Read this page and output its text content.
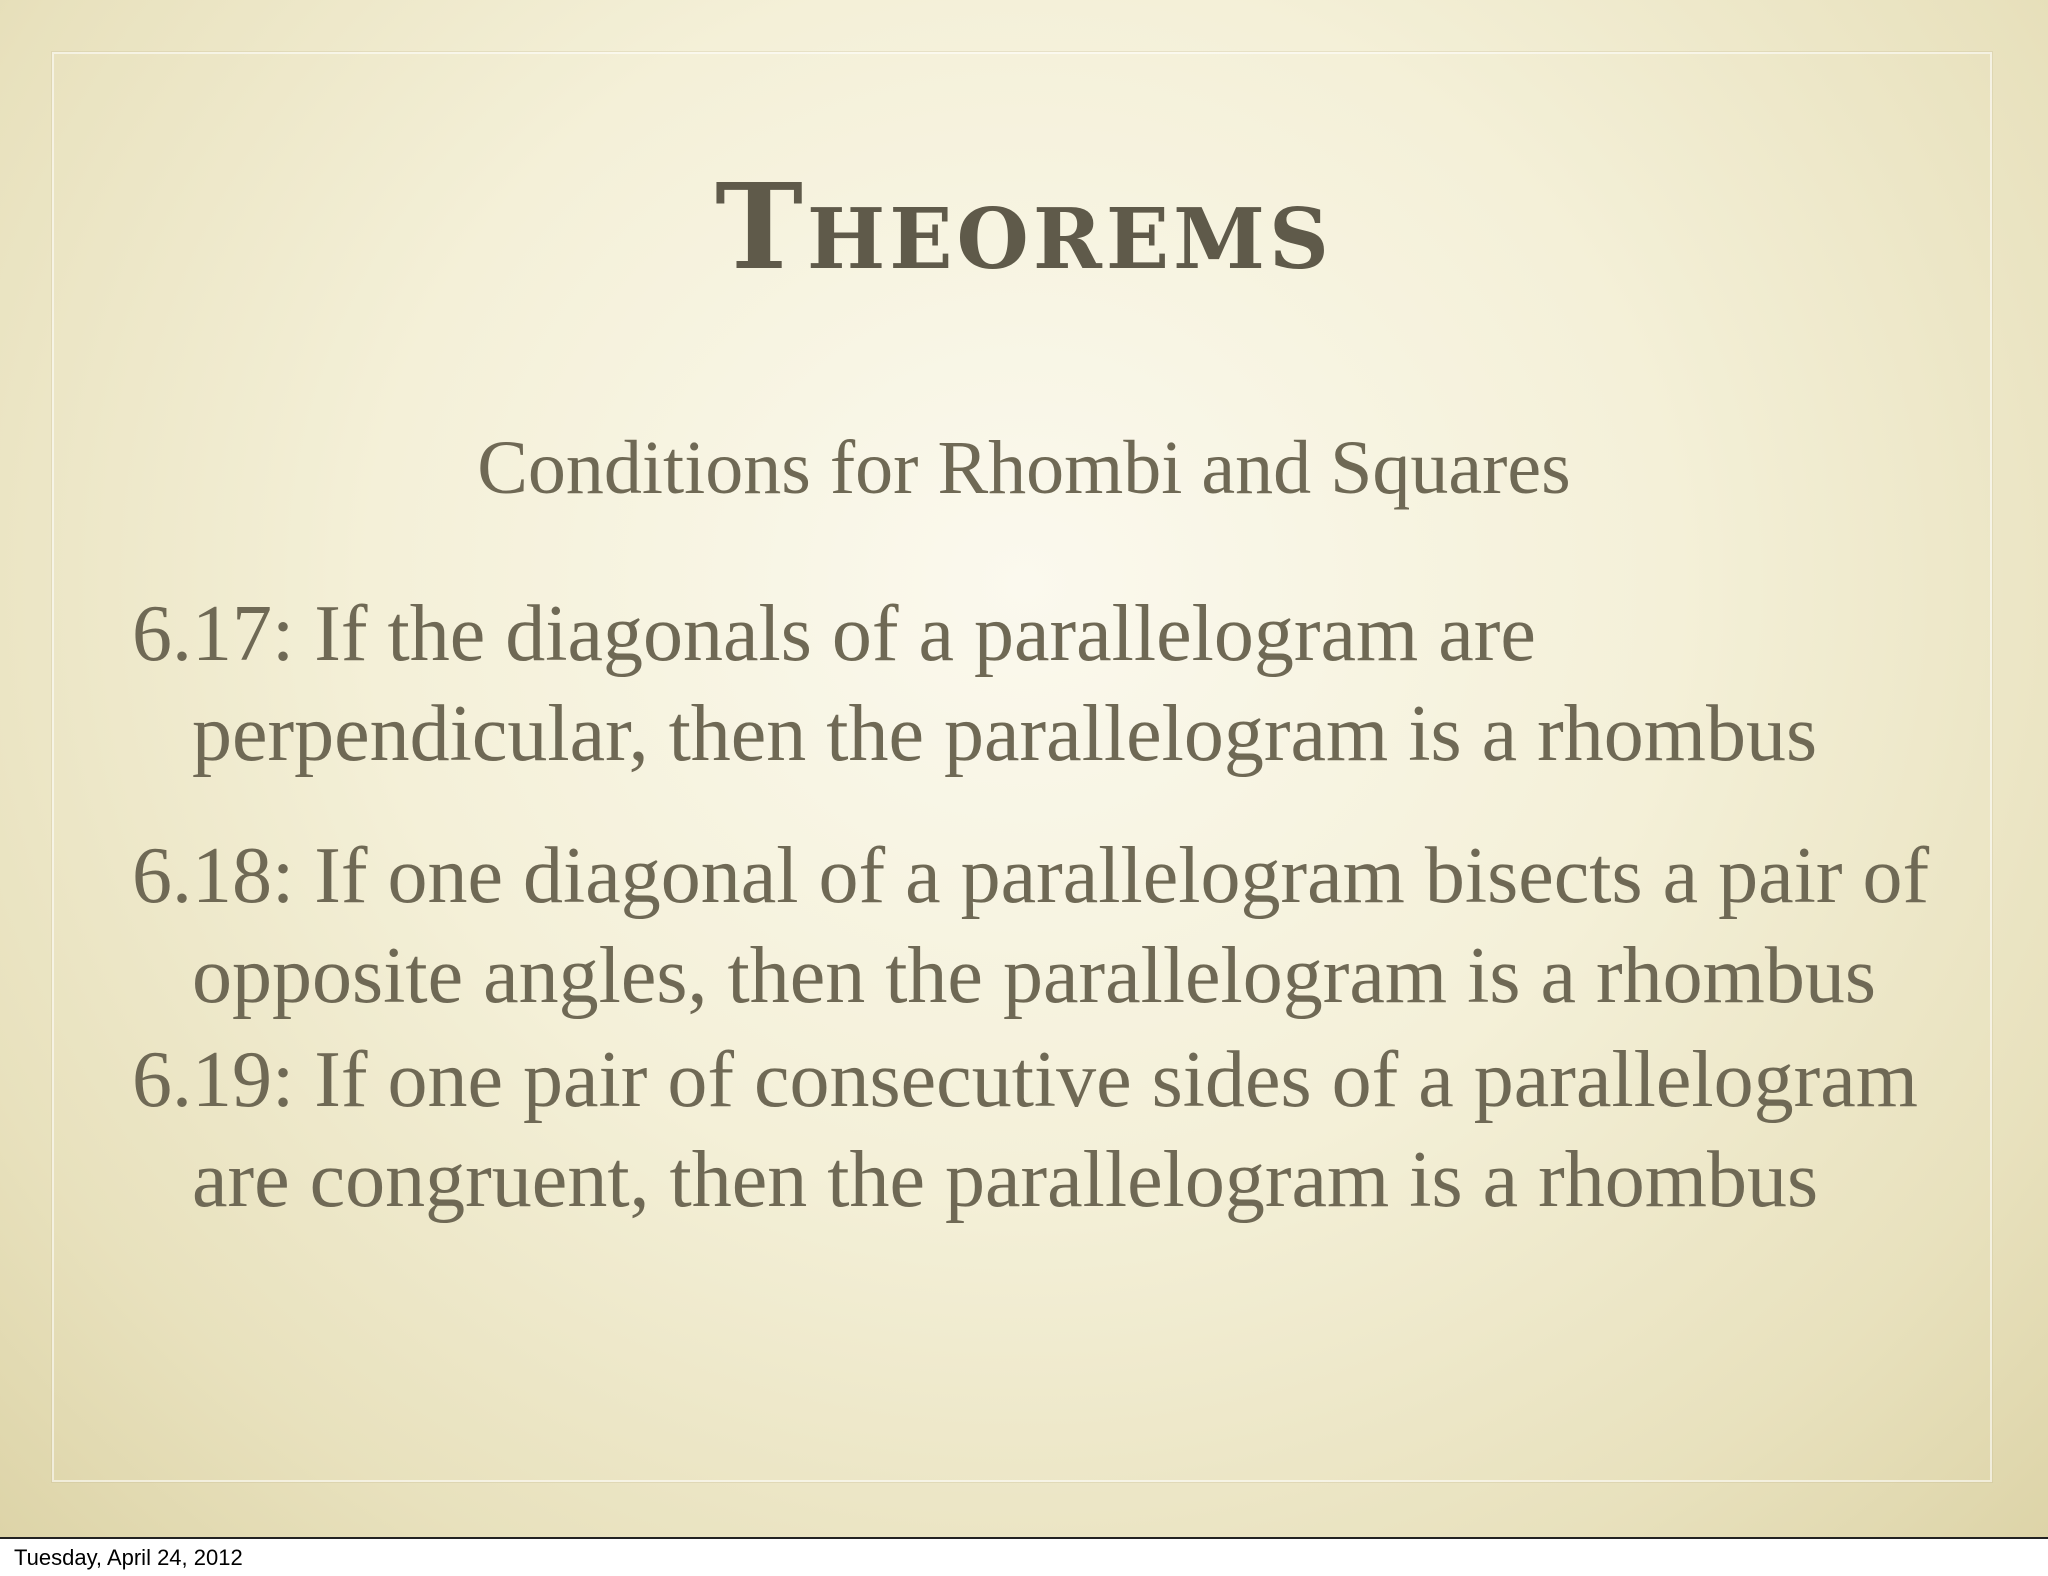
Theorems
Conditions for Rhombi and Squares
6.17: If the diagonals of a parallelogram are perpendicular, then the parallelogram is a rhombus
6.18: If one diagonal of a parallelogram bisects a pair of opposite angles, then the parallelogram is a rhombus
6.19: If one pair of consecutive sides of a parallelogram are congruent, then the parallelogram is a rhombus
Tuesday, April 24, 2012
